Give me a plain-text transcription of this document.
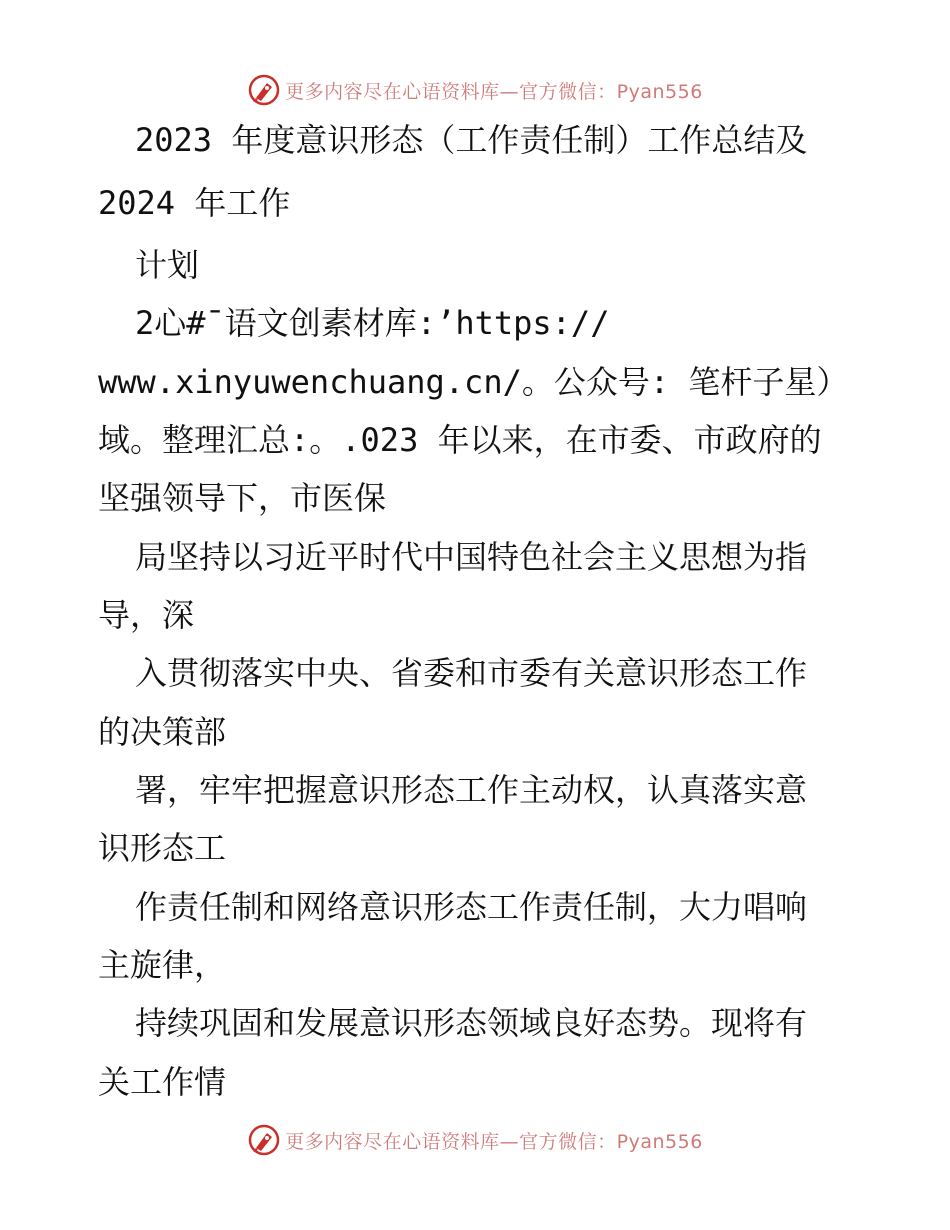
更多内容尽在心语资料库—官方微信：Pyan556
2023 年度意识形态（工作责任制）工作总结及
2024 年工作
计划
2心#¯语文创素材库:’https://
www.xinyuwenchuang.cn/。公众号: 笔杆子星）
域。整理汇总:。.023 年以来，在市委、市政府的
坚强领导下，市医保
局坚持以习近平时代中国特色社会主义思想为指
导，深
入贯彻落实中央、省委和市委有关意识形态工作
的决策部
署，牢牢把握意识形态工作主动权，认真落实意
识形态工
作责任制和网络意识形态工作责任制，大力唱响
主旋律，
持续巩固和发展意识形态领域良好态势。现将有
关工作情
更多内容尽在心语资料库—官方微信：Pyan556
